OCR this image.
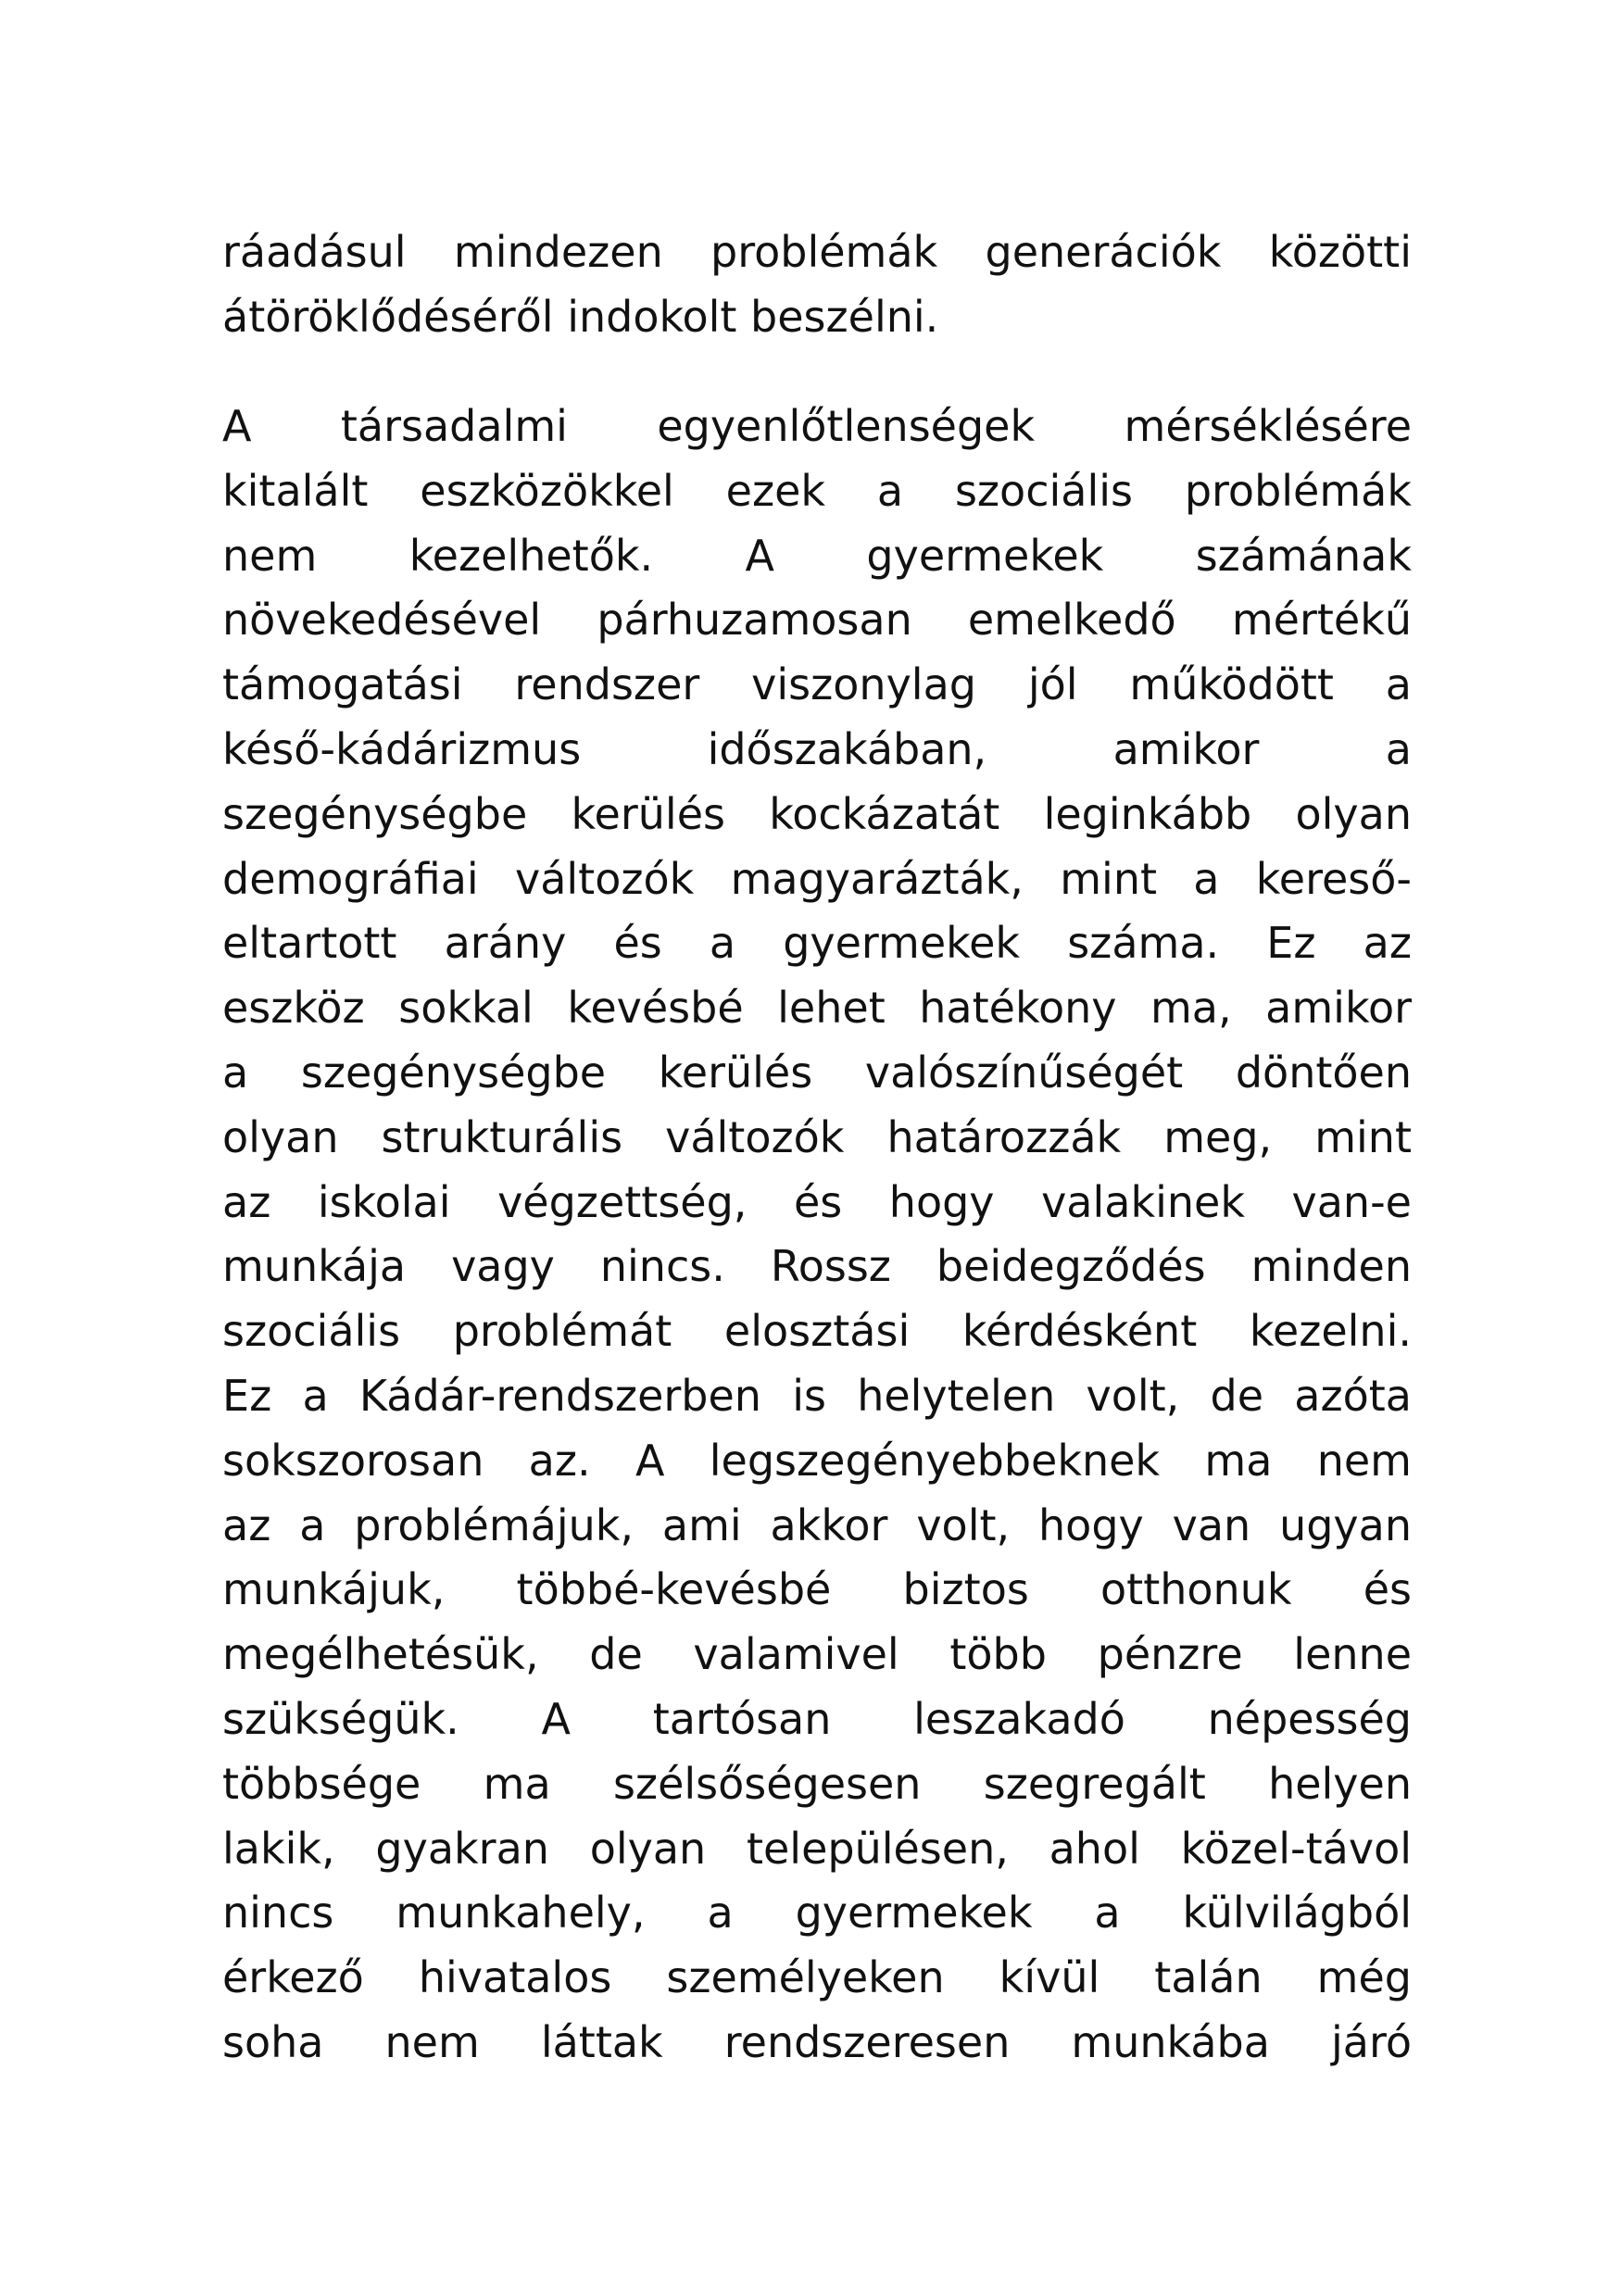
ráadásul mindezen problémák generációk közötti
átöröklődéséről indokolt beszélni.
A társadalmi egyenlőtlenségek mérséklésére
kitalált eszközökkel ezek a szociális problémák
nem kezelhetők. A gyermekek számának
növekedésével párhuzamosan emelkedő mértékű
támogatási rendszer viszonylag jól működött a
késő-kádárizmus időszakában, amikor a
szegénységbe kerülés kockázatát leginkább olyan
demográfiai változók magyarázták, mint a kereső-
eltartott arány és a gyermekek száma. Ez az
eszköz sokkal kevésbé lehet hatékony ma, amikor
a szegénységbe kerülés valószínűségét döntően
olyan strukturális változók határozzák meg, mint
az iskolai végzettség, és hogy valakinek van-e
munkája vagy nincs. Rossz beidegződés minden
szociális problémát elosztási kérdésként kezelni.
Ez a Kádár-rendszerben is helytelen volt, de azóta
sokszorosan az. A legszegényebbeknek ma nem
az a problémájuk, ami akkor volt, hogy van ugyan
munkájuk, többé-kevésbé biztos otthonuk és
megélhetésük, de valamivel több pénzre lenne
szükségük. A tartósan leszakadó népesség
többsége ma szélsőségesen szegregált helyen
lakik, gyakran olyan településen, ahol közel-távol
nincs munkahely, a gyermekek a külvilágból
érkező hivatalos személyeken kívül talán még
soha nem láttak rendszeresen munkába járó
